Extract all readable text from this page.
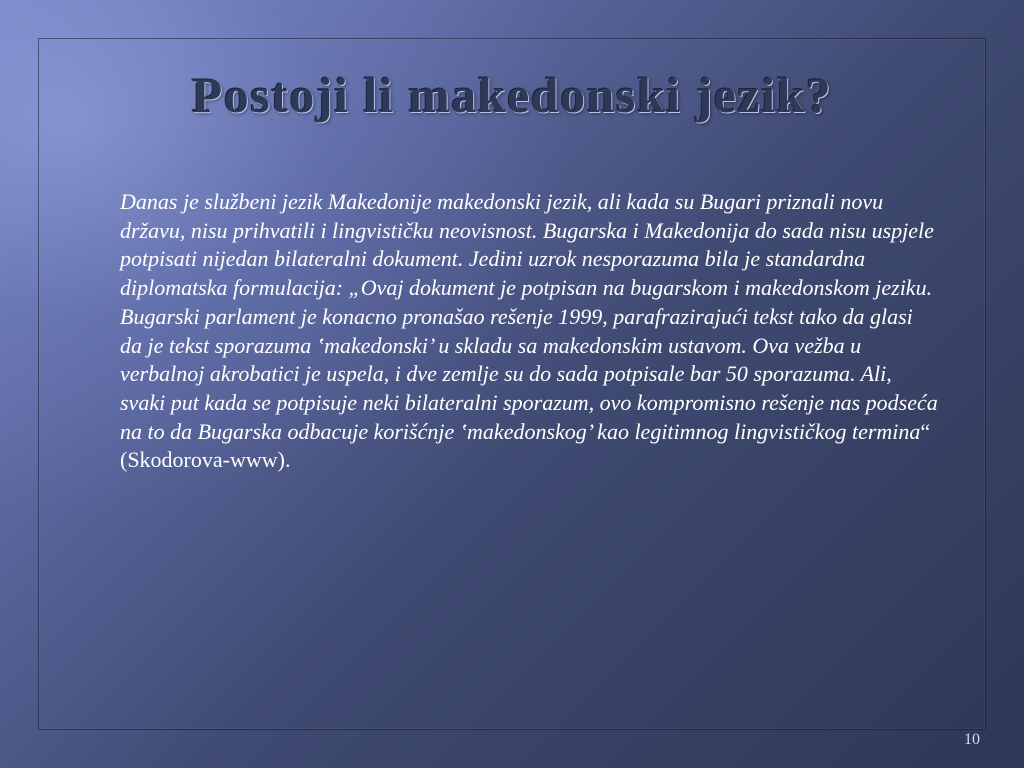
Postoji li makedonski jezik?

Danas je službeni jezik Makedonije makedonski jezik, ali kada su Bugari priznali novu državu, nisu prihvatili i lingvističku neovisnost. Bugarska i Makedonija do sada nisu uspjele potpisati nijedan bilateralni dokument. Jedini uzrok nesporazuma bila je standardna diplomatska formulacija: „Ovaj dokument je potpisan na bugarskom i makedonskom jeziku. Bugarski parlament je konacno pronašao rešenje 1999, parafrazirajući tekst tako da glasi da je tekst sporazuma ‛makedonski’ u skladu sa makedonskim ustavom. Ova vežba u verbalnoj akrobatici je uspela, i dve zemlje su do sada potpisale bar 50 sporazuma. Ali, svaki put kada se potpisuje neki bilateralni sporazum, ovo kompromisno rešenje nas podseća na to da Bugarska odbacuje korišćnje ‛makedonskog’ kao legitimnog lingvističkog termina“ (Skodorova-www).

10
